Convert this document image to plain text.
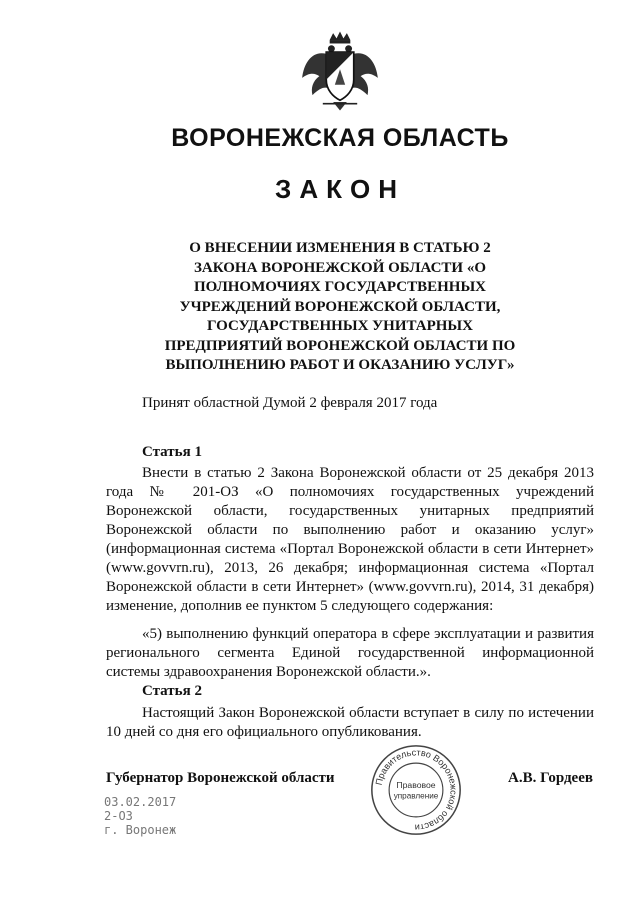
ВОРОНЕЖСКАЯ ОБЛАСТЬ
ЗАКОН
О ВНЕСЕНИИ ИЗМЕНЕНИЯ В СТАТЬЮ 2
ЗАКОНА ВОРОНЕЖСКОЙ ОБЛАСТИ «О
ПОЛНОМОЧИЯХ ГОСУДАРСТВЕННЫХ
УЧРЕЖДЕНИЙ ВОРОНЕЖСКОЙ ОБЛАСТИ,
ГОСУДАРСТВЕННЫХ УНИТАРНЫХ
ПРЕДПРИЯТИЙ ВОРОНЕЖСКОЙ ОБЛАСТИ ПО
ВЫПОЛНЕНИЮ РАБОТ И ОКАЗАНИЮ УСЛУГ»
Принят областной Думой 2 февраля 2017 года
Статья 1

Внести в статью 2 Закона Воронежской области от 25 декабря 2013 года № 201-ОЗ «О полномочиях государственных учреждений Воронежской области, государственных унитарных предприятий Воронежской области по выполнению работ и оказанию услуг» (информационная система «Портал Воронежской области в сети Интернет» (www.govvrn.ru), 2013, 26 декабря; информационная система «Портал Воронежской области в сети Интернет» (www.govvrn.ru), 2014, 31 декабря) изменение, дополнив ее пунктом 5 следующего содержания:

«5) выполнению функций оператора в сфере эксплуатации и развития регионального сегмента Единой государственной информационной системы здравоохранения Воронежской области.».

Статья 2

Настоящий Закон Воронежской области вступает в силу по истечении 10 дней со дня его официального опубликования.

Губернатор Воронежской области	Правительство Воронежской области
Правовое
управление
А.В. Гордеев
03.02.2017
2-ОЗ
г. Воронеж
